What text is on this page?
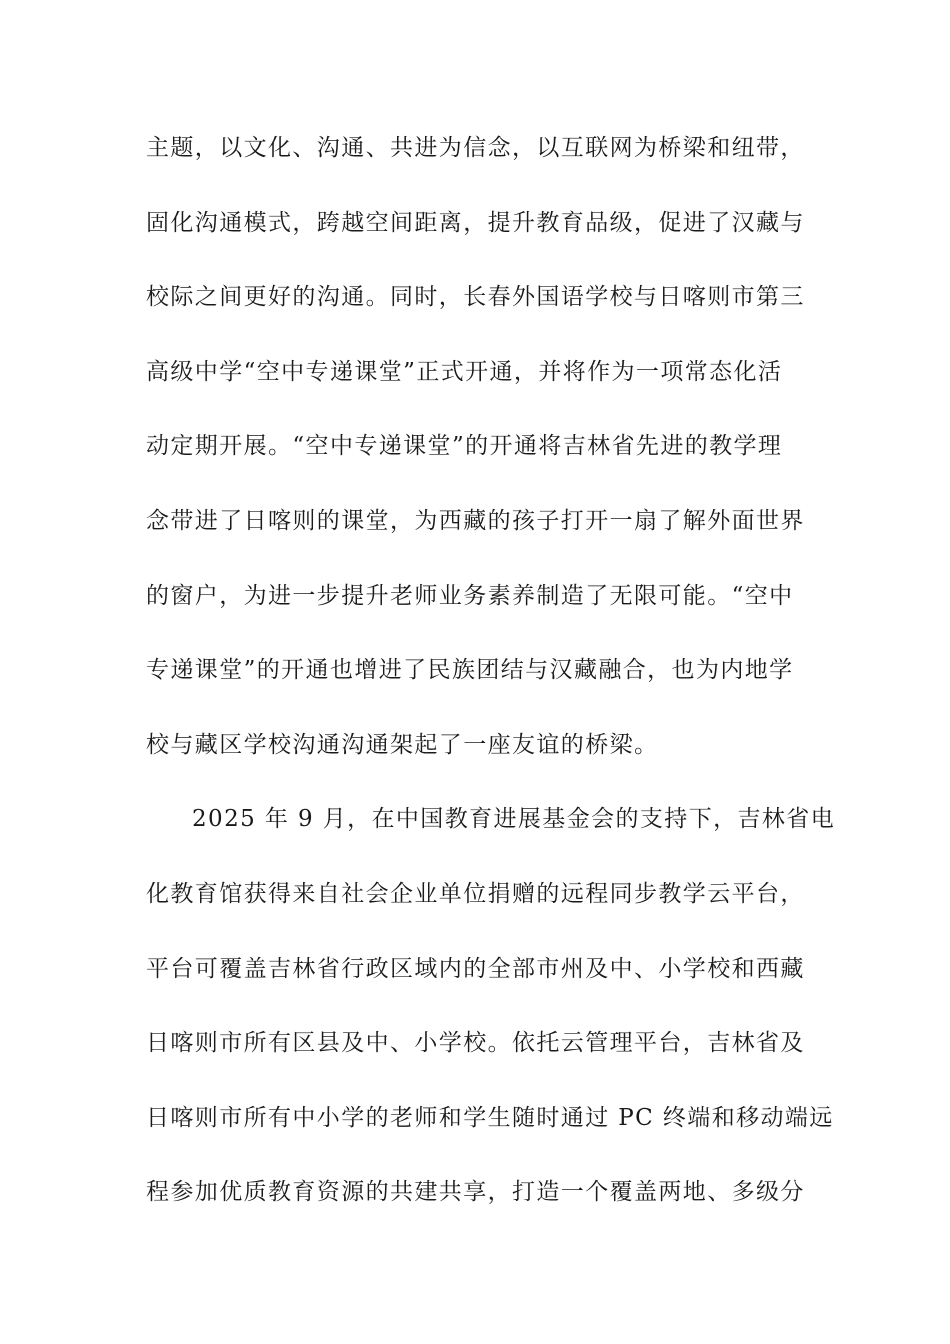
主题，以文化、沟通、共进为信念，以互联网为桥梁和纽带，
固化沟通模式，跨越空间距离，提升教育品级，促进了汉藏与
校际之间更好的沟通。同时，长春外国语学校与日喀则市第三
高级中学“空中专递课堂”正式开通，并将作为一项常态化活
动定期开展。“空中专递课堂”的开通将吉林省先进的教学理
念带进了日喀则的课堂，为西藏的孩子打开一扇了解外面世界
的窗户，为进一步提升老师业务素养制造了无限可能。“空中
专递课堂”的开通也增进了民族团结与汉藏融合，也为内地学
校与藏区学校沟通沟通架起了一座友谊的桥梁。
2025 年 9 月，在中国教育进展基金会的支持下，吉林省电
化教育馆获得来自社会企业单位捐赠的远程同步教学云平台，
平台可覆盖吉林省行政区域内的全部市州及中、小学校和西藏
日喀则市所有区县及中、小学校。依托云管理平台，吉林省及
日喀则市所有中小学的老师和学生随时通过 PC 终端和移动端远
程参加优质教育资源的共建共享，打造一个覆盖两地、多级分
